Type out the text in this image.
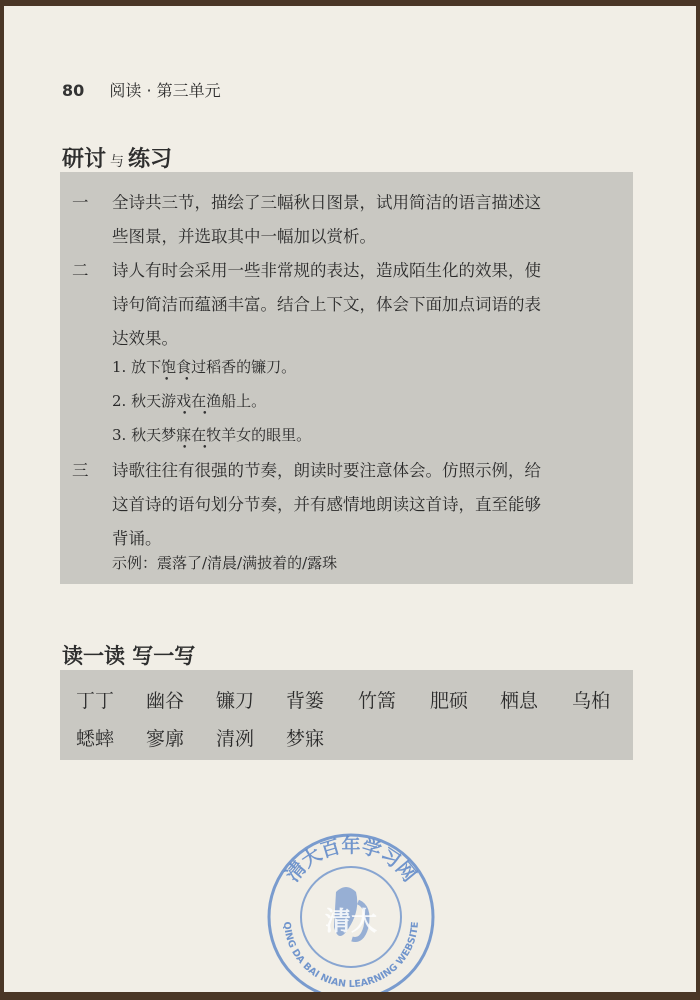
80 阅读 · 第三单元
研讨 与 练习
一	全诗共三节，描绘了三幅秋日图景，试用简洁的语言描述这
些图景，并选取其中一幅加以赏析。
二	诗人有时会采用一些非常规的表达，造成陌生化的效果，使
诗句简洁而蕴涵丰富。结合上下文，体会下面加点词语的表
达效果。
1. 放下饱食过稻香的镰刀。
• •
2. 秋天游戏在渔船上。
• •
3. 秋天梦寐在牧羊女的眼里。
• •
三	诗歌往往有很强的节奏，朗读时要注意体会。仿照示例，给
这首诗的语句划分节奏，并有感情地朗读这首诗，直至能够
背诵。
示例：震落了/清晨/满披着的/露珠
读一读 写一写
丁丁 幽谷 镰刀 背篓 竹篙 肥硕 栖息 乌桕
蟋蟀 寥廓 清冽 梦寐
清大百年学习网
QING DA BAI NIAN LEARNING WEBSITE
清大
